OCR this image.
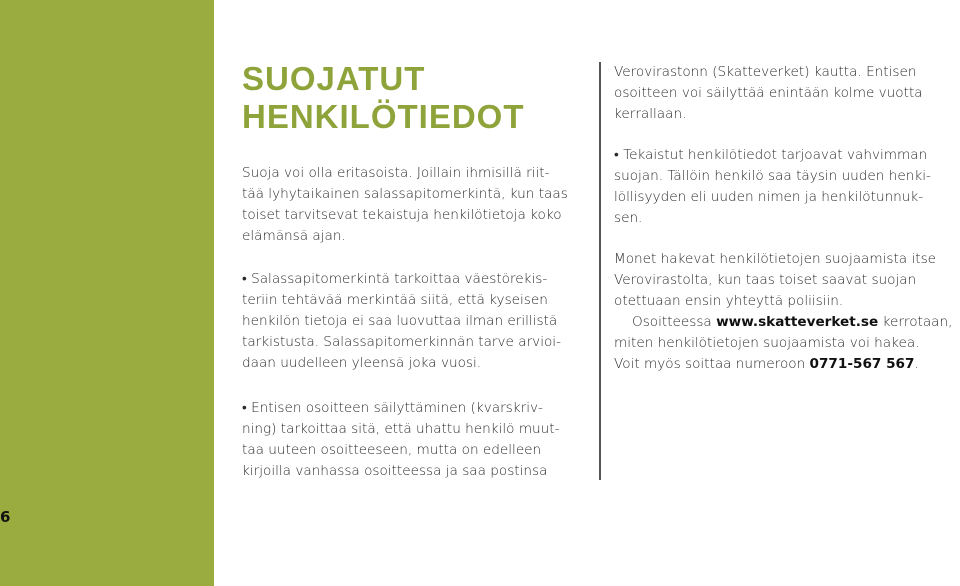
6
SUOJATUT
HENKILÖTIEDOT

Suoja voi olla eritasoista. Joillain ihmisillä riit-

tää lyhytaikainen salassapitomerkintä, kun taas

toiset tarvitsevat tekaistuja henkilötietoja koko

elämänsä ajan.

• Salassapitomerkintä tarkoittaa väestörekis-

teriin tehtävää merkintää siitä, että kyseisen

henkilön tietoja ei saa luovuttaa ilman erillistä

tarkistusta. Salassapitomerkinnän tarve arvioi-

daan uudelleen yleensä joka vuosi.

• Entisen osoitteen säilyttäminen (kvarskriv-

ning) tarkoittaa sitä, että uhattu henkilö muut-

taa uuteen osoitteeseen, mutta on edelleen

kirjoilla vanhassa osoitteessa ja saa postinsa

Verovirastonn (Skatteverket) kautta. Entisen

osoitteen voi säilyttää enintään kolme vuotta

kerrallaan.

• Tekaistut henkilötiedot tarjoavat vahvimman

suojan. Tällöin henkilö saa täysin uuden henki-

löllisyyden eli uuden nimen ja henkilötunnuk-

sen.

Monet hakevat henkilötietojen suojaamista itse

Verovirastolta, kun taas toiset saavat suojan

otettuaan ensin yhteyttä poliisiin.

Osoitteessa www.skatteverket.se kerrotaan,

miten henkilötietojen suojaamista voi hakea.

Voit myös soittaa numeroon 0771-567 567.
